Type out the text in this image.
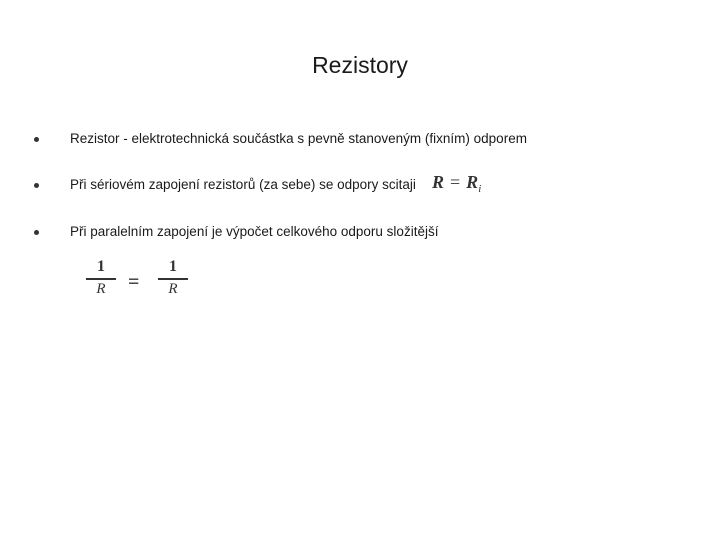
Rezistory
Rezistor - elektrotechnická součástka s pevně stanoveným (fixním) odporem
Při sériovém zapojení rezistorů (za sebe) se odpory scitaji $R = R_i$
Při paralelním zapojení je výpočet celkového odporu složitější
1
R	=
1
R
